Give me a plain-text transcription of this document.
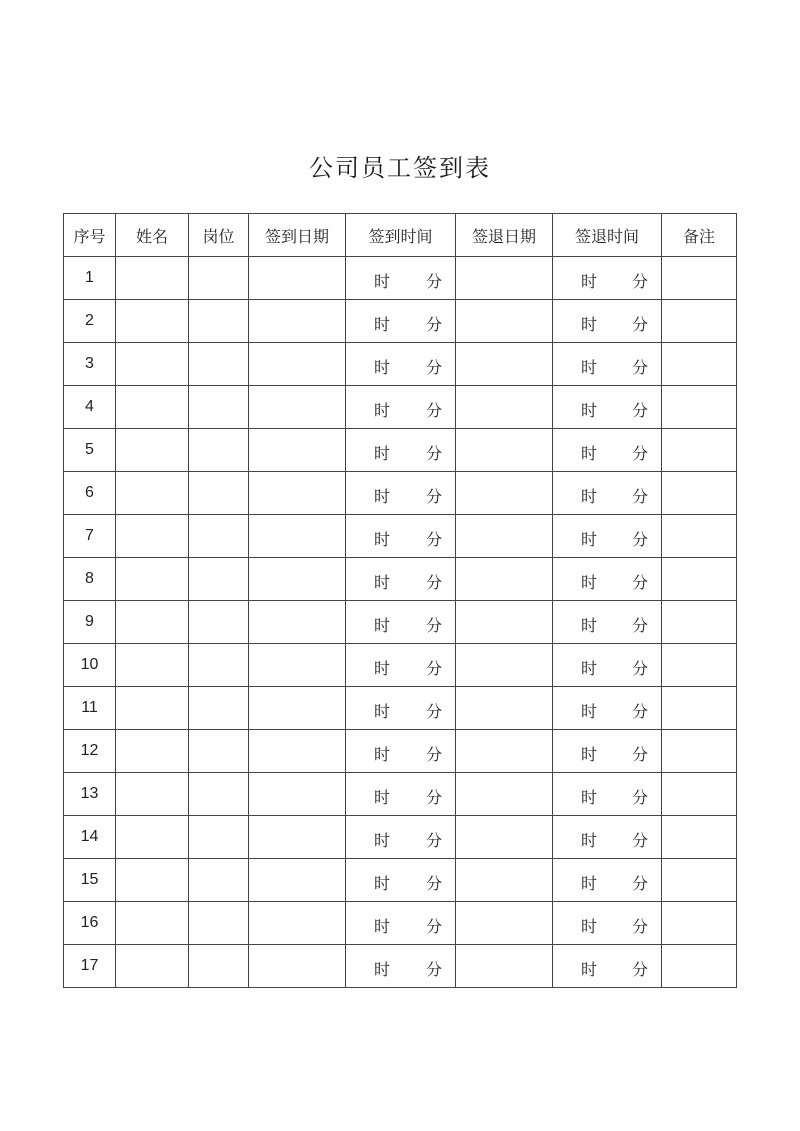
公司员工签到表
序号	姓名	岗位	签到日期	签到时间	签退日期	签退时间	备注
1				时 分		时 分	

2				时 分		时 分	

3				时 分		时 分	

4				时 分		时 分	

5				时 分		时 分	

6				时 分		时 分	

7				时 分		时 分	

8				时 分		时 分	

9				时 分		时 分	

10				时 分		时 分	

11				时 分		时 分	

12				时 分		时 分	

13				时 分		时 分	

14				时 分		时 分	

15				时 分		时 分	

16				时 分		时 分	

17				时 分		时 分	
